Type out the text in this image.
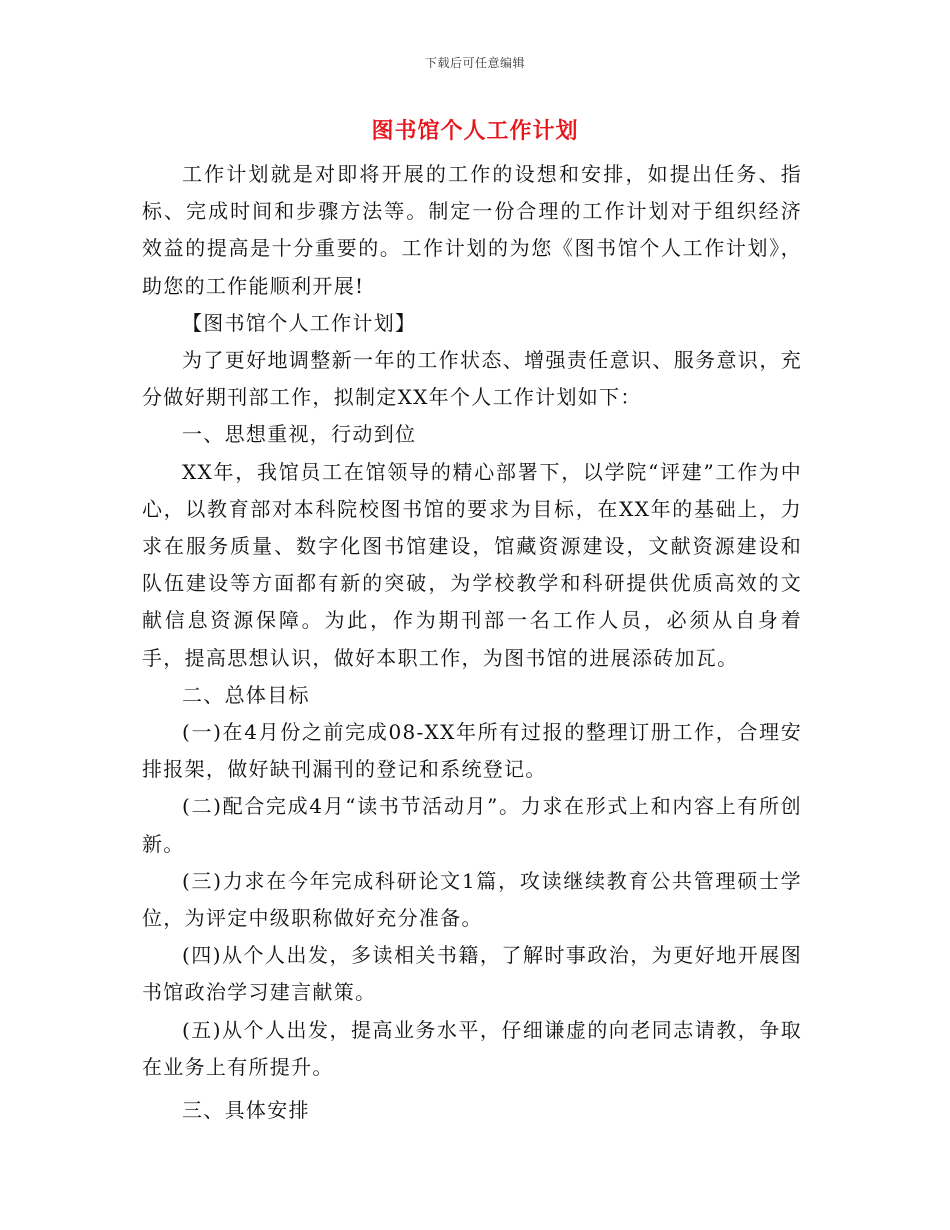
下载后可任意编辑
图书馆个人工作计划

工作计划就是对即将开展的工作的设想和安排，如提出任务、指标、完成时间和步骤方法等。制定一份合理的工作计划对于组织经济效益的提高是十分重要的。工作计划的为您《图书馆个人工作计划》，助您的工作能顺利开展!

【图书馆个人工作计划】

为了更好地调整新一年的工作状态、增强责任意识、服务意识，充分做好期刊部工作，拟制定XX年个人工作计划如下：

一、思想重视，行动到位

XX年，我馆员工在馆领导的精心部署下，以学院“评建”工作为中心，以教育部对本科院校图书馆的要求为目标，在XX年的基础上，力求在服务质量、数字化图书馆建设，馆藏资源建设，文献资源建设和队伍建设等方面都有新的突破，为学校教学和科研提供优质高效的文献信息资源保障。为此，作为期刊部一名工作人员，必须从自身着手，提高思想认识，做好本职工作，为图书馆的进展添砖加瓦。

二、总体目标

(一)在4月份之前完成08-XX年所有过报的整理订册工作，合理安排报架，做好缺刊漏刊的登记和系统登记。

(二)配合完成4月“读书节活动月”。力求在形式上和内容上有所创新。

(三)力求在今年完成科研论文1篇，攻读继续教育公共管理硕士学位，为评定中级职称做好充分准备。

(四)从个人出发，多读相关书籍，了解时事政治，为更好地开展图书馆政治学习建言献策。

(五)从个人出发，提高业务水平，仔细谦虚的向老同志请教，争取在业务上有所提升。

三、具体安排
